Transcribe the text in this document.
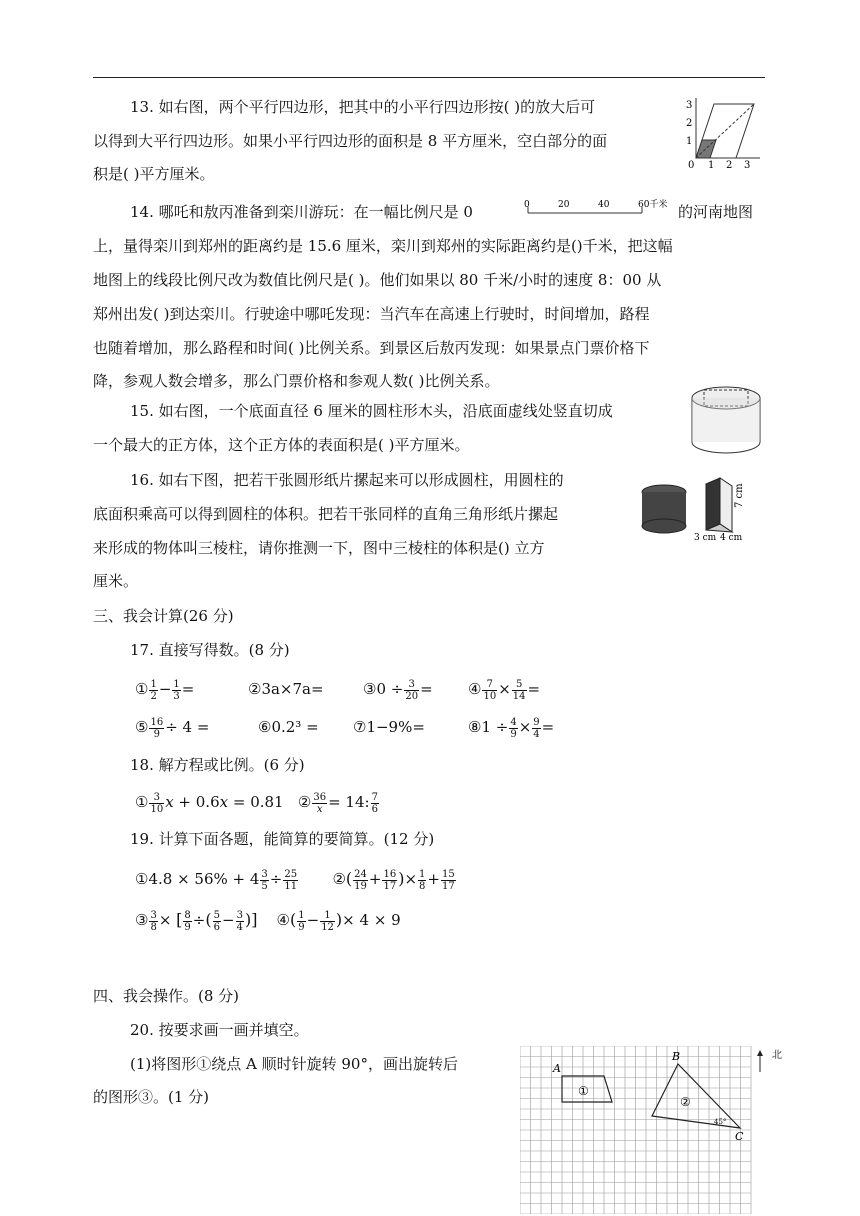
13. 如右图，两个平行四边形，把其中的小平行四边形按( )的放大后可
以得到大平行四边形。如果小平行四边形的面积是 8 平方厘米，空白部分的面
积是( )平方厘米。
3
2
1
0 1 2 3
14. 哪吒和敖丙准备到栾川游玩：在一幅比例尺是 0	0	20	40	60千米 的河南地图
上，量得栾川到郑州的距离约是 15.6 厘米，栾川到郑州的实际距离约是()千米，把这幅
地图上的线段比例尺改为数值比例尺是( )。他们如果以 80 千米/小时的速度 8：00 从
郑州出发( )到达栾川。行驶途中哪吒发现：当汽车在高速上行驶时，时间增加，路程
也随着增加，那么路程和时间( )比例关系。到景区后敖丙发现：如果景点门票价格下
降，参观人数会增多，那么门票价格和参观人数( )比例关系。
15. 如右图，一个底面直径 6 厘米的圆柱形木头，沿底面虚线处竖直切成
一个最大的正方体，这个正方体的表面积是( )平方厘米。
16. 如右下图，把若干张圆形纸片摞起来可以形成圆柱，用圆柱的
底面积乘高可以得到圆柱的体积。把若干张同样的直角三角形纸片摞起
来形成的物体叫三棱柱，请你推测一下，图中三棱柱的体积是() 立方
厘米。
7 cm
3 cm 4 cm
三、我会计算(26 分)
17. 直接写得数。(8 分)
① $\frac{1}{2} - \frac{1}{3}$ =	②3a×7a=	③0 ÷ $\frac{3}{20}$ = ④ $\frac{7}{10} \times \frac{5}{14}$ =
⑤ $\frac{16}{9} \div 4$ =	⑥0.2³ = ⑦1−9%=	⑧1 ÷ $\frac{4}{9} \times \frac{9}{4}$ =
18. 解方程或比例。(6 分)
① $\frac{3}{10}$ x + 0.6x = 0.81   ② $\frac{36}{x} = 14$: $\frac{7}{6}$
19. 计算下面各题，能简算的要简算。(12 分)
①4.8 × $56\% + 4 \frac{3}{5} \div \frac{25}{11}$ ②( $\frac{24}{19} + \frac{16}{17}$ )× $\frac{1}{8} + \frac{15}{17}$
③ $\frac{3}{8}$ × [ $\frac{8}{9}$ ÷( $\frac{5}{6} - \frac{3}{4}$ )]    ④( $\frac{1}{9} - \frac{1}{12}$ )× 4 × 9
四、我会操作。(8 分)
20. 按要求画一画并填空。
(1)将图形①绕点 A 顺时针旋转 90°，画出旋转后
的图形③。(1 分)
A
B
C
①
②
45°
北
